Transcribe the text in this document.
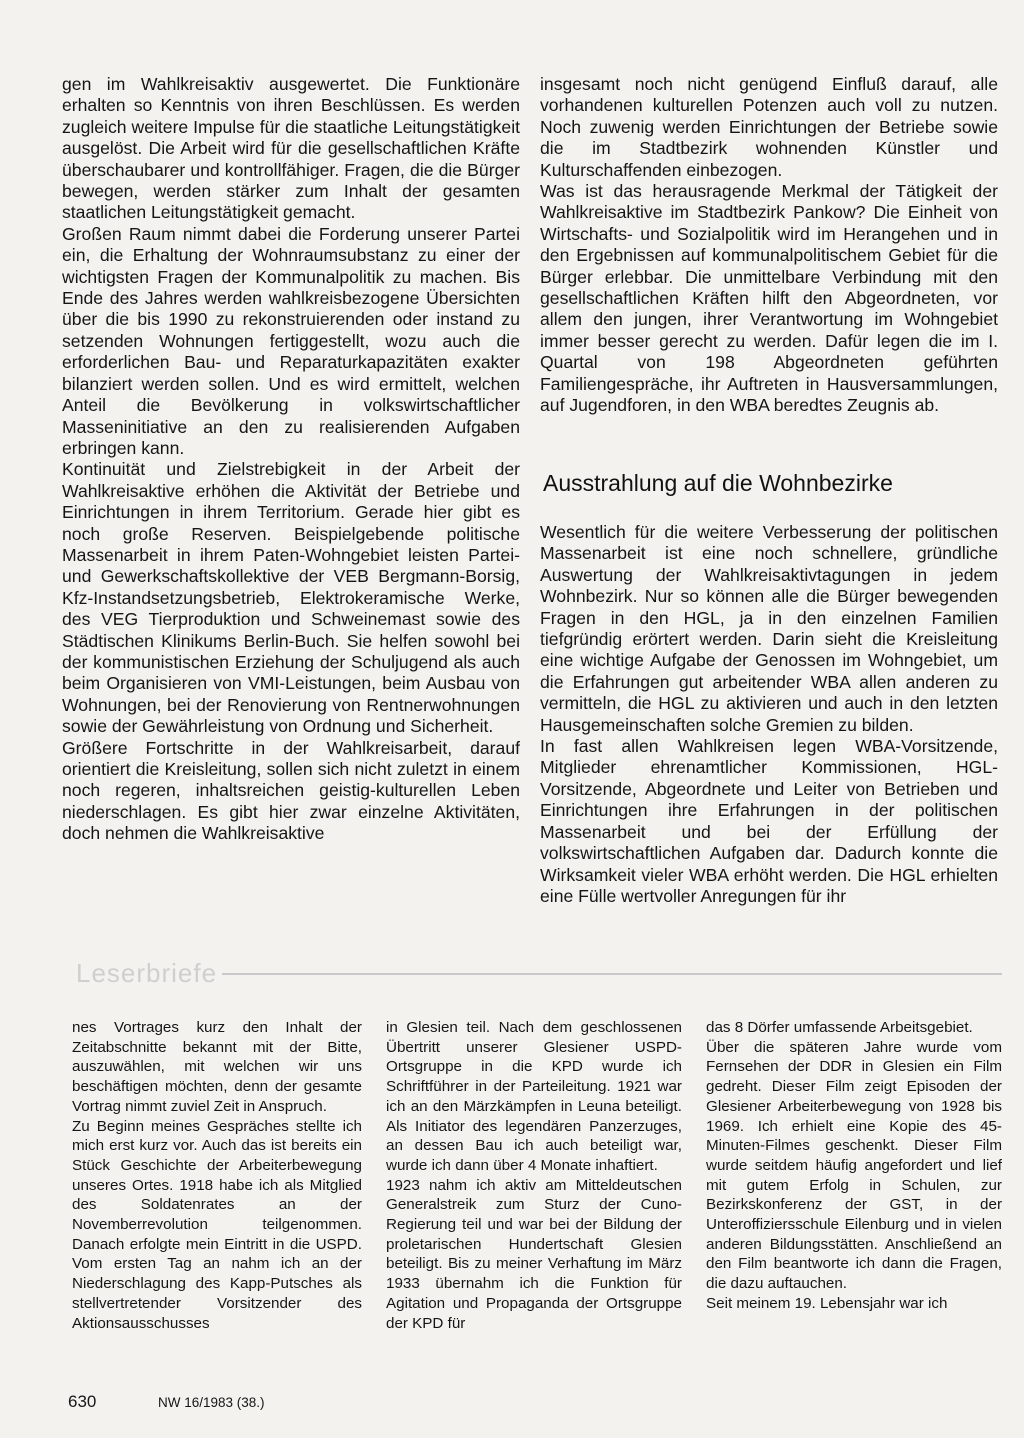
gen im Wahlkreisaktiv ausgewertet. Die Funktionäre erhalten so Kenntnis von ihren Beschlüssen. Es werden zugleich weitere Impulse für die staatliche Leitungstätigkeit ausgelöst. Die Arbeit wird für die gesellschaftlichen Kräfte überschaubarer und kontrollfähiger. Fragen, die die Bürger bewegen, werden stärker zum Inhalt der gesamten staatlichen Leitungstätigkeit gemacht.

Großen Raum nimmt dabei die Forderung unserer Partei ein, die Erhaltung der Wohnraumsubstanz zu einer der wichtigsten Fragen der Kommunalpolitik zu machen. Bis Ende des Jahres werden wahlkreisbezogene Übersichten über die bis 1990 zu rekonstruierenden oder instand zu setzenden Wohnungen fertiggestellt, wozu auch die erforderlichen Bau- und Reparaturkapazitäten exakter bilanziert werden sollen. Und es wird ermittelt, welchen Anteil die Bevölkerung in volkswirtschaftlicher Masseninitiative an den zu realisierenden Aufgaben erbringen kann.

Kontinuität und Zielstrebigkeit in der Arbeit der Wahlkreisaktive erhöhen die Aktivität der Betriebe und Einrichtungen in ihrem Territorium. Gerade hier gibt es noch große Reserven. Beispielgebende politische Massenarbeit in ihrem Paten-Wohngebiet leisten Partei- und Gewerkschaftskollektive der VEB Bergmann-Borsig, Kfz-Instandsetzungsbetrieb, Elektrokeramische Werke, des VEG Tierproduktion und Schweinemast sowie des Städtischen Klinikums Berlin-Buch. Sie helfen sowohl bei der kommunistischen Erziehung der Schuljugend als auch beim Organisieren von VMI-Leistungen, beim Ausbau von Wohnungen, bei der Renovierung von Rentnerwohnungen sowie der Gewährleistung von Ordnung und Sicherheit.

Größere Fortschritte in der Wahlkreisarbeit, darauf orientiert die Kreisleitung, sollen sich nicht zuletzt in einem noch regeren, inhaltsreichen geistig-kulturellen Leben niederschlagen. Es gibt hier zwar einzelne Aktivitäten, doch nehmen die Wahlkreisaktive

insgesamt noch nicht genügend Einfluß darauf, alle vorhandenen kulturellen Potenzen auch voll zu nutzen. Noch zuwenig werden Einrichtungen der Betriebe sowie die im Stadtbezirk wohnenden Künstler und Kulturschaffenden einbezogen.

Was ist das herausragende Merkmal der Tätigkeit der Wahlkreisaktive im Stadtbezirk Pankow? Die Einheit von Wirtschafts- und Sozialpolitik wird im Herangehen und in den Ergebnissen auf kommunalpolitischem Gebiet für die Bürger erlebbar. Die unmittelbare Verbindung mit den gesellschaftlichen Kräften hilft den Abgeordneten, vor allem den jungen, ihrer Verantwortung im Wohngebiet immer besser gerecht zu werden. Dafür legen die im I. Quartal von 198 Abgeordneten geführten Familiengespräche, ihr Auftreten in Hausversammlungen, auf Jugendforen, in den WBA beredtes Zeugnis ab.

Ausstrahlung auf die Wohnbezirke

Wesentlich für die weitere Verbesserung der politischen Massenarbeit ist eine noch schnellere, gründliche Auswertung der Wahlkreisaktivtagungen in jedem Wohnbezirk. Nur so können alle die Bürger bewegenden Fragen in den HGL, ja in den einzelnen Familien tiefgründig erörtert werden. Darin sieht die Kreisleitung eine wichtige Aufgabe der Genossen im Wohngebiet, um die Erfahrungen gut arbeitender WBA allen anderen zu vermitteln, die HGL zu aktivieren und auch in den letzten Hausgemeinschaften solche Gremien zu bilden.

In fast allen Wahlkreisen legen WBA-Vorsitzende, Mitglieder ehrenamtlicher Kommissionen, HGL-Vorsitzende, Abgeordnete und Leiter von Betrieben und Einrichtungen ihre Erfahrungen in der politischen Massenarbeit und bei der Erfüllung der volkswirtschaftlichen Aufgaben dar. Dadurch konnte die Wirksamkeit vieler WBA erhöht werden. Die HGL erhielten eine Fülle wertvoller Anregungen für ihr

Leserbriefe

nes Vortrages kurz den Inhalt der Zeitabschnitte bekannt mit der Bitte, auszuwählen, mit welchen wir uns beschäftigen möchten, denn der gesamte Vortrag nimmt zuviel Zeit in Anspruch.

Zu Beginn meines Gespräches stellte ich mich erst kurz vor. Auch das ist bereits ein Stück Geschichte der Arbeiterbewegung unseres Ortes. 1918 habe ich als Mitglied des Soldatenrates an der Novemberrevolution teilgenommen. Danach erfolgte mein Eintritt in die USPD. Vom ersten Tag an nahm ich an der Niederschlagung des Kapp-Putsches als stellvertretender Vorsitzender des Aktionsausschusses

in Glesien teil. Nach dem geschlossenen Übertritt unserer Glesiener USPD-Ortsgruppe in die KPD wurde ich Schriftführer in der Parteileitung. 1921 war ich an den Märzkämpfen in Leuna beteiligt. Als Initiator des legendären Panzerzuges, an dessen Bau ich auch beteiligt war, wurde ich dann über 4 Monate inhaftiert.

1923 nahm ich aktiv am Mitteldeutschen Generalstreik zum Sturz der Cuno-Regierung teil und war bei der Bildung der proletarischen Hundertschaft Glesien beteiligt. Bis zu meiner Verhaftung im März 1933 übernahm ich die Funktion für Agitation und Propaganda der Ortsgruppe der KPD für

das 8 Dörfer umfassende Arbeitsgebiet.

Über die späteren Jahre wurde vom Fernsehen der DDR in Glesien ein Film gedreht. Dieser Film zeigt Episoden der Glesiener Arbeiterbewegung von 1928 bis 1969. Ich erhielt eine Kopie des 45-Minuten-Filmes geschenkt. Dieser Film wurde seitdem häufig angefordert und lief mit gutem Erfolg in Schulen, zur Bezirkskonferenz der GST, in der Unteroffiziersschule Eilenburg und in vielen anderen Bildungsstätten. Anschließend an den Film beantworte ich dann die Fragen, die dazu auftauchen.

Seit meinem 19. Lebensjahr war ich

630	NW 16/1983 (38.)
